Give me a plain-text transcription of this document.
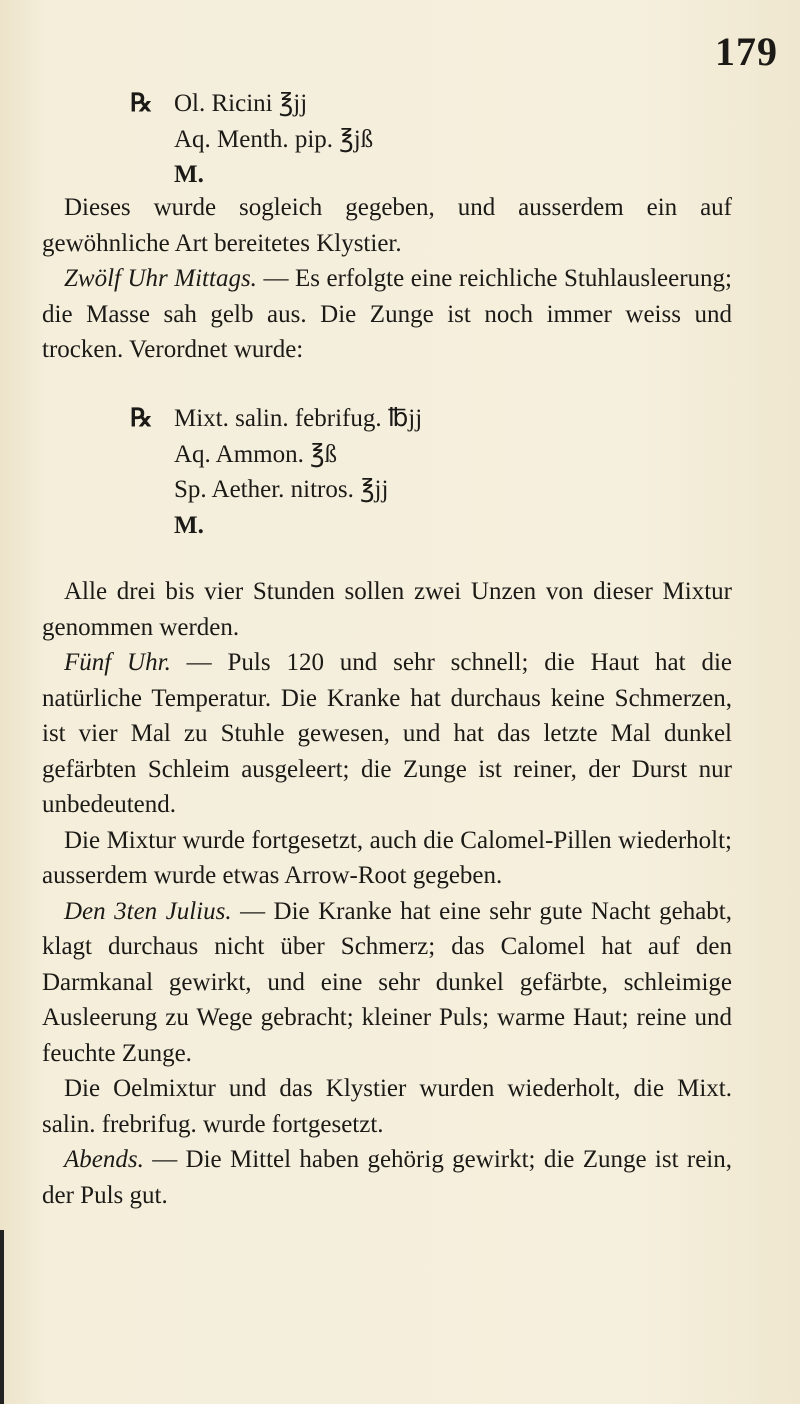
179
℞ Ol. Ricini ℥jj
Aq. Menth. pip. ℥jß
M.

Dieses wurde sogleich gegeben, und ausserdem ein auf gewöhnliche Art bereitetes Klystier.

Zwölf Uhr Mittags. — Es erfolgte eine reichliche Stuhlausleerung; die Masse sah gelb aus. Die Zunge ist noch immer weiss und trocken. Verordnet wurde:

℞ Mixt. salin. febrifug. ℔jj
Aq. Ammon. ℥ß
Sp. Aether. nitros. ℥jj
M.

Alle drei bis vier Stunden sollen zwei Unzen von dieser Mixtur genommen werden.

Fünf Uhr. — Puls 120 und sehr schnell; die Haut hat die natürliche Temperatur. Die Kranke hat durchaus keine Schmerzen, ist vier Mal zu Stuhle gewesen, und hat das letzte Mal dunkel gefärbten Schleim ausgeleert; die Zunge ist reiner, der Durst nur unbedeutend.

Die Mixtur wurde fortgesetzt, auch die Calomel-Pillen wiederholt; ausserdem wurde etwas Arrow-Root gegeben.

Den 3ten Julius. — Die Kranke hat eine sehr gute Nacht gehabt, klagt durchaus nicht über Schmerz; das Calomel hat auf den Darmkanal gewirkt, und eine sehr dunkel gefärbte, schleimige Ausleerung zu Wege gebracht; kleiner Puls; warme Haut; reine und feuchte Zunge.

Die Oelmixtur und das Klystier wurden wiederholt, die Mixt. salin. frebrifug. wurde fortgesetzt.

Abends. — Die Mittel haben gehörig gewirkt; die Zunge ist rein, der Puls gut.
